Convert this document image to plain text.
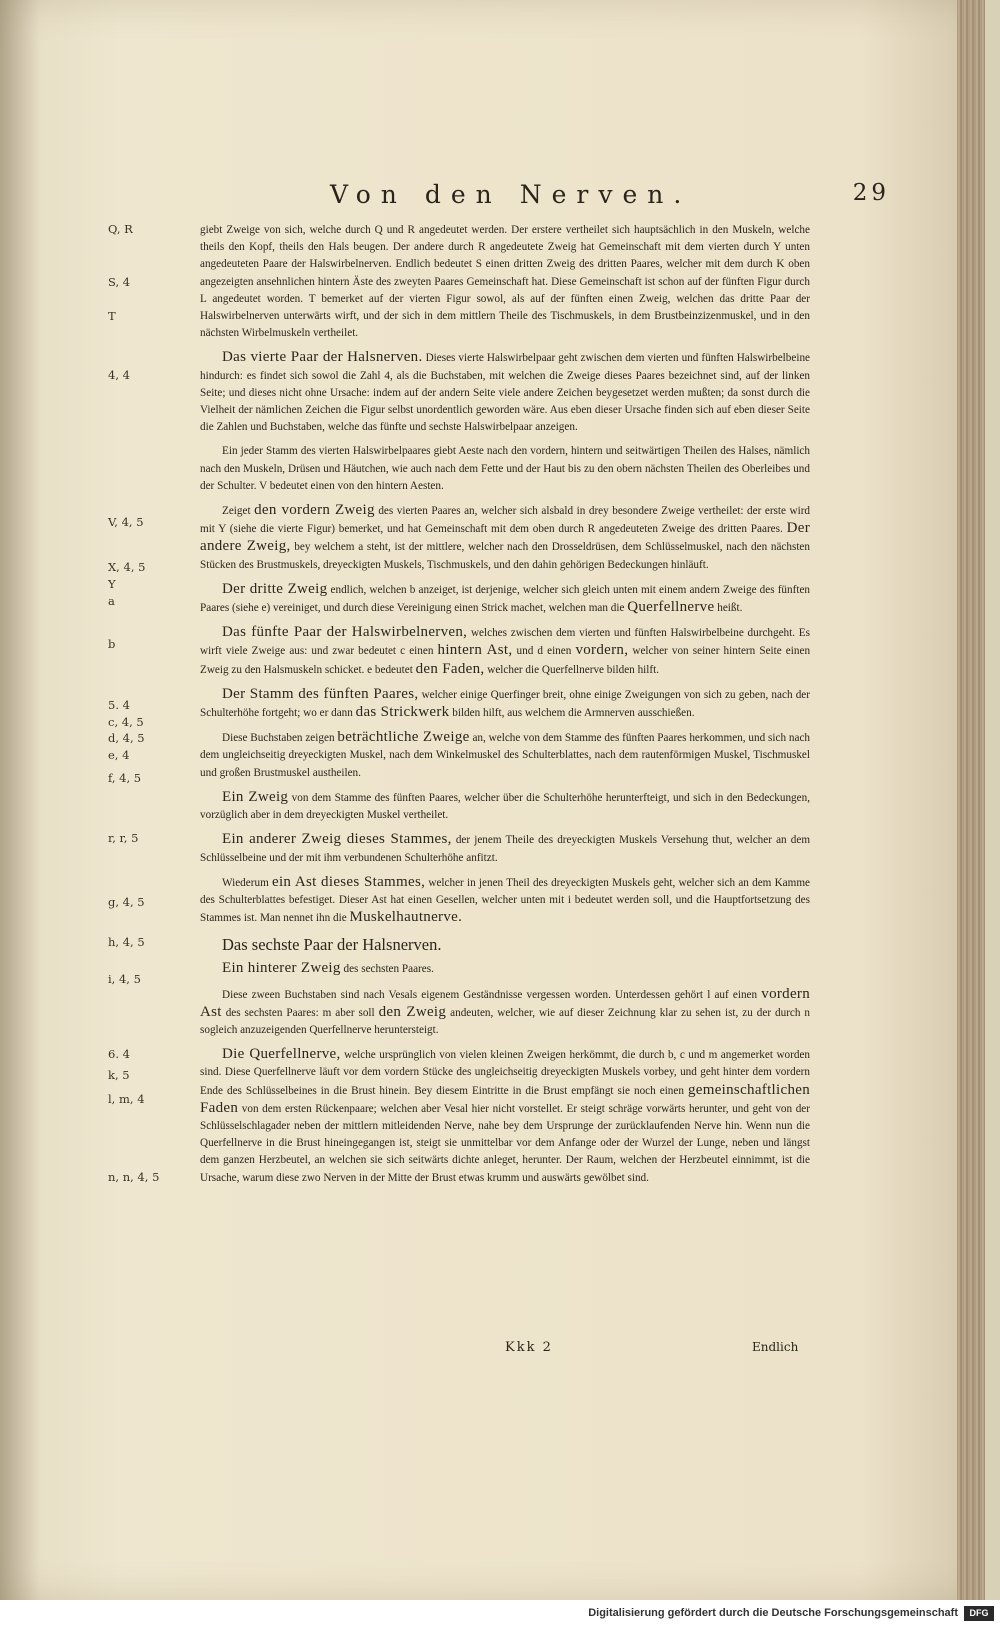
Von den Nerven.	29
Q, R
S, 4
T
4, 4
V, 4, 5
X, 4, 5
Y
a
b
5. 4
c, 4, 5
d, 4, 5
e, 4
f, 4, 5
r, r, 5
g, 4, 5
h, 4, 5
i, 4, 5
6. 4
k, 5
l, m, 4
n, n, 4, 5

giebt Zweige von sich, welche durch Q und R angedeutet werden. Der erstere vertheilet sich hauptsächlich in den Muskeln, welche theils den Kopf, theils den Hals beugen. Der andere durch R angedeutete Zweig hat Gemeinschaft mit dem vierten durch Y unten angedeuteten Paare der Halswirbelnerven. Endlich bedeutet S einen dritten Zweig des dritten Paares, welcher mit dem durch K oben angezeigten ansehnlichen hintern Äste des zweyten Paares Gemeinschaft hat. Diese Gemeinschaft ist schon auf der fünften Figur durch L angedeutet worden. T bemerket auf der vierten Figur sowol, als auf der fünften einen Zweig, welchen das dritte Paar der Halswirbelnerven unterwärts wirft, und der sich in dem mittlern Theile des Tischmuskels, in dem Brustbeinzizenmuskel, und in den nächsten Wirbelmuskeln vertheilet.

Das vierte Paar der Halsnerven. Dieses vierte Halswirbelpaar geht zwischen dem vierten und fünften Halswirbelbeine hindurch: es findet sich sowol die Zahl 4, als die Buchstaben, mit welchen die Zweige dieses Paares bezeichnet sind, auf der linken Seite; und dieses nicht ohne Ursache: indem auf der andern Seite viele andere Zeichen beygesetzet werden mußten; da sonst durch die Vielheit der nämlichen Zeichen die Figur selbst unordentlich geworden wäre. Aus eben dieser Ursache finden sich auf eben dieser Seite die Zahlen und Buchstaben, welche das fünfte und sechste Halswirbelpaar anzeigen.

Ein jeder Stamm des vierten Halswirbelpaares giebt Aeste nach den vordern, hintern und seitwärtigen Theilen des Halses, nämlich nach den Muskeln, Drüsen und Häutchen, wie auch nach dem Fette und der Haut bis zu den obern nächsten Theilen des Oberleibes und der Schulter. V bedeutet einen von den hintern Aesten.

Zeiget den vordern Zweig des vierten Paares an, welcher sich alsbald in drey besondere Zweige vertheilet: der erste wird mit Y (siehe die vierte Figur) bemerket, und hat Gemeinschaft mit dem oben durch R angedeuteten Zweige des dritten Paares. Der andere Zweig, bey welchem a steht, ist der mittlere, welcher nach den Drosseldrüsen, dem Schlüsselmuskel, nach den nächsten Stücken des Brustmuskels, dreyeckigten Muskels, Tischmuskels, und den dahin gehörigen Bedeckungen hinläuft.

Der dritte Zweig endlich, welchen b anzeiget, ist derjenige, welcher sich gleich unten mit einem andern Zweige des fünften Paares (siehe e) vereiniget, und durch diese Vereinigung einen Strick machet, welchen man die Querfellnerve heißt.

Das fünfte Paar der Halswirbelnerven, welches zwischen dem vierten und fünften Halswirbelbeine durchgeht. Es wirft viele Zweige aus: und zwar bedeutet c einen hintern Ast, und d einen vordern, welcher von seiner hintern Seite einen Zweig zu den Halsmuskeln schicket. e bedeutet den Faden, welcher die Querfellnerve bilden hilft.

Der Stamm des fünften Paares, welcher einige Querfinger breit, ohne einige Zweigungen von sich zu geben, nach der Schulterhöhe fortgeht; wo er dann das Strickwerk bilden hilft, aus welchem die Armnerven ausschießen.

Diese Buchstaben zeigen beträchtliche Zweige an, welche von dem Stamme des fünften Paares herkommen, und sich nach dem ungleichseitig dreyeckigten Muskel, nach dem Winkelmuskel des Schulterblattes, nach dem rautenförmigen Muskel, Tischmuskel und großen Brustmuskel austheilen.

Ein Zweig von dem Stamme des fünften Paares, welcher über die Schulterhöhe herunterfteigt, und sich in den Bedeckungen, vorzüglich aber in dem dreyeckigten Muskel vertheilet.

Ein anderer Zweig dieses Stammes, der jenem Theile des dreyeckigten Muskels Versehung thut, welcher an dem Schlüsselbeine und der mit ihm verbundenen Schulterhöhe anfitzt.

Wiederum ein Ast dieses Stammes, welcher in jenen Theil des dreyeckigten Muskels geht, welcher sich an dem Kamme des Schulterblattes befestiget. Dieser Ast hat einen Gesellen, welcher unten mit i bedeutet werden soll, und die Hauptfortsetzung des Stammes ist. Man nennet ihn die Muskelhautnerve.

Das sechste Paar der Halsnerven.

Ein hinterer Zweig des sechsten Paares.

Diese zween Buchstaben sind nach Vesals eigenem Geständnisse vergessen worden. Unterdessen gehört l auf einen vordern Ast des sechsten Paares: m aber soll den Zweig andeuten, welcher, wie auf dieser Zeichnung klar zu sehen ist, zu der durch n sogleich anzuzeigenden Querfellnerve heruntersteigt.

Die Querfellnerve, welche ursprünglich von vielen kleinen Zweigen herkömmt, die durch b, c und m angemerket worden sind. Diese Querfellnerve läuft vor dem vordern Stücke des ungleichseitig dreyeckigten Muskels vorbey, und geht hinter dem vordern Ende des Schlüsselbeines in die Brust hinein. Bey diesem Eintritte in die Brust empfängt sie noch einen gemeinschaftlichen Faden von dem ersten Rückenpaare; welchen aber Vesal hier nicht vorstellet. Er steigt schräge vorwärts herunter, und geht von der Schlüsselschlagader neben der mittlern mitleidenden Nerve, nahe bey dem Ursprunge der zurücklaufenden Nerve hin. Wenn nun die Querfellnerve in die Brust hineingegangen ist, steigt sie unmittelbar vor dem Anfange oder der Wurzel der Lunge, neben und längst dem ganzen Herzbeutel, an welchen sie sich seitwärts dichte anleget, herunter. Der Raum, welchen der Herzbeutel einnimmt, ist die Ursache, warum diese zwo Nerven in der Mitte der Brust etwas krumm und auswärts gewölbet sind.

Kkk 2	Endlich
Digitalisierung gefördert durch die Deutsche Forschungsgemeinschaft	DFG
